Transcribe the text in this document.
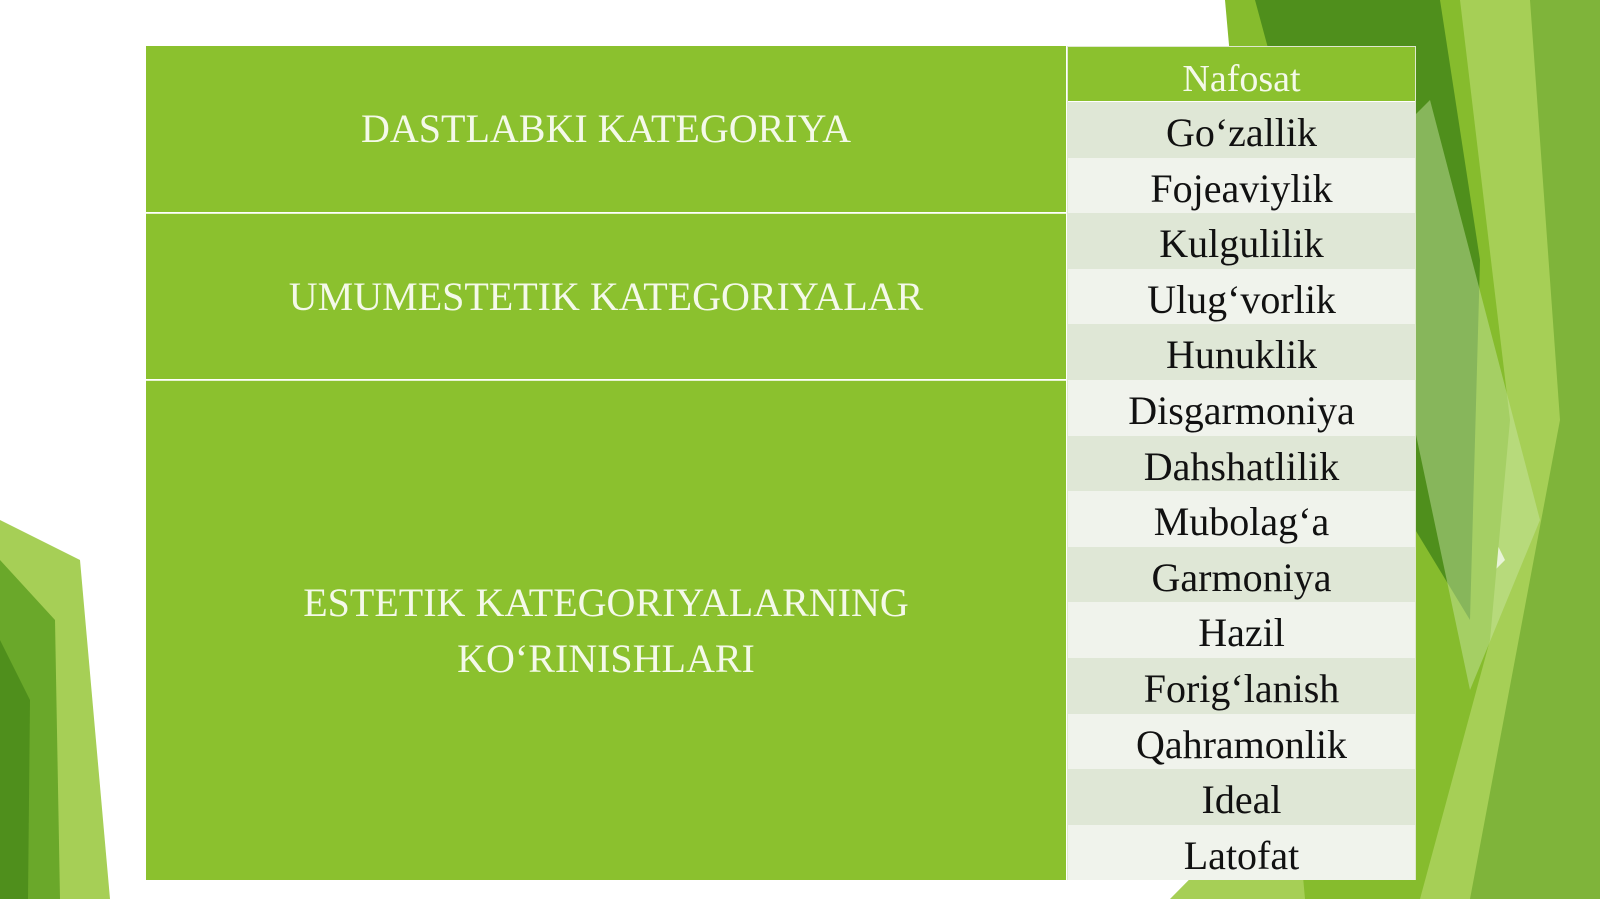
DASTLABKI KATEGORIYA
UMUMESTETIK KATEGORIYALAR
ESTETIK KATEGORIYALARNING KO‘RINISHLARI
Nafosat
Go‘zallik
Fojeaviylik
Kulgulilik
Ulug‘vorlik
Hunuklik
Disgarmoniya
Dahshatlilik
Mubolag‘a
Garmoniya
Hazil
Forig‘lanish
Qahramonlik
Ideal
Latofat
